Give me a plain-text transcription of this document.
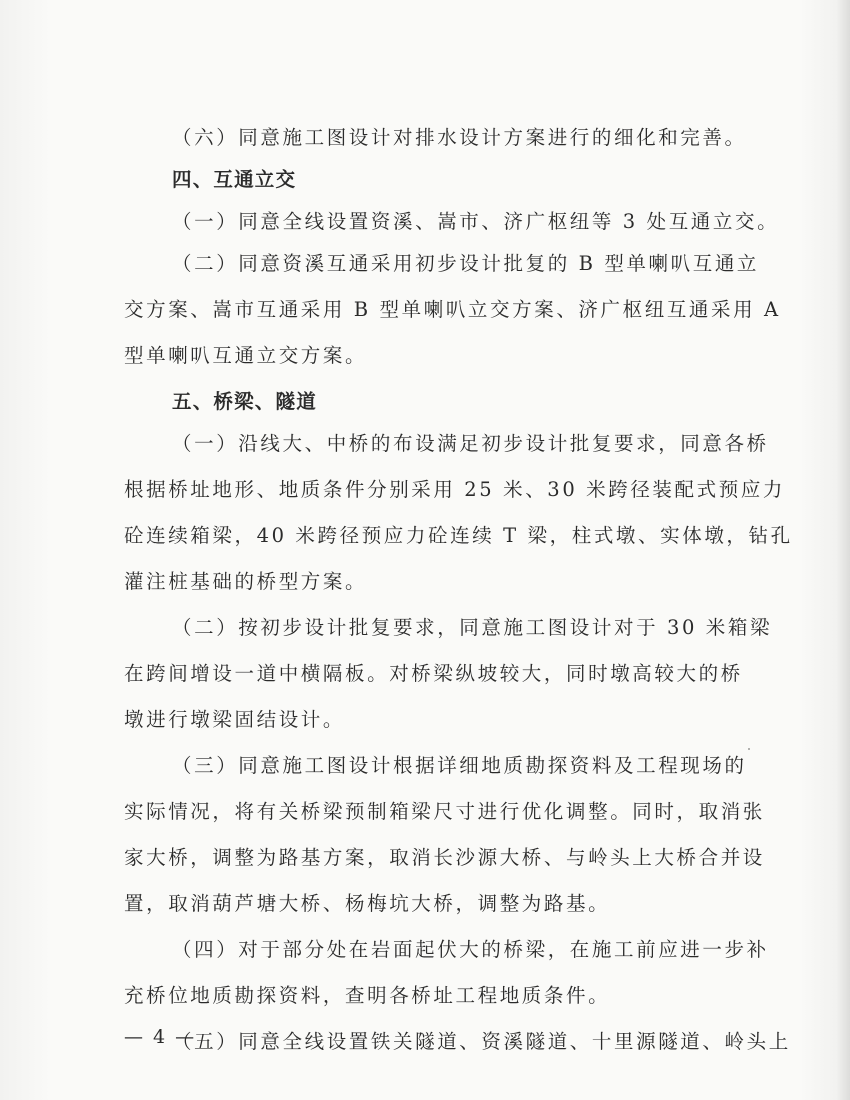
（六）同意施工图设计对排水设计方案进行的细化和完善。

四、互通立交

（一）同意全线设置资溪、嵩市、济广枢纽等 3 处互通立交。

（二）同意资溪互通采用初步设计批复的 B 型单喇叭互通立

交方案、嵩市互通采用 B 型单喇叭立交方案、济广枢纽互通采用 A

型单喇叭互通立交方案。

五、桥梁、隧道

（一）沿线大、中桥的布设满足初步设计批复要求，同意各桥

根据桥址地形、地质条件分别采用 25 米、30 米跨径装配式预应力

砼连续箱梁，40 米跨径预应力砼连续 T 梁，柱式墩、实体墩，钻孔

灌注桩基础的桥型方案。

（二）按初步设计批复要求，同意施工图设计对于 30 米箱梁

在跨间增设一道中横隔板。对桥梁纵坡较大，同时墩高较大的桥

墩进行墩梁固结设计。

（三）同意施工图设计根据详细地质勘探资料及工程现场的

实际情况，将有关桥梁预制箱梁尺寸进行优化调整。同时，取消张

家大桥，调整为路基方案，取消长沙源大桥、与岭头上大桥合并设

置，取消葫芦塘大桥、杨梅坑大桥，调整为路基。

（四）对于部分处在岩面起伏大的桥梁，在施工前应进一步补

充桥位地质勘探资料，查明各桥址工程地质条件。

（五）同意全线设置铁关隧道、资溪隧道、十里源隧道、岭头上

— 4 —
